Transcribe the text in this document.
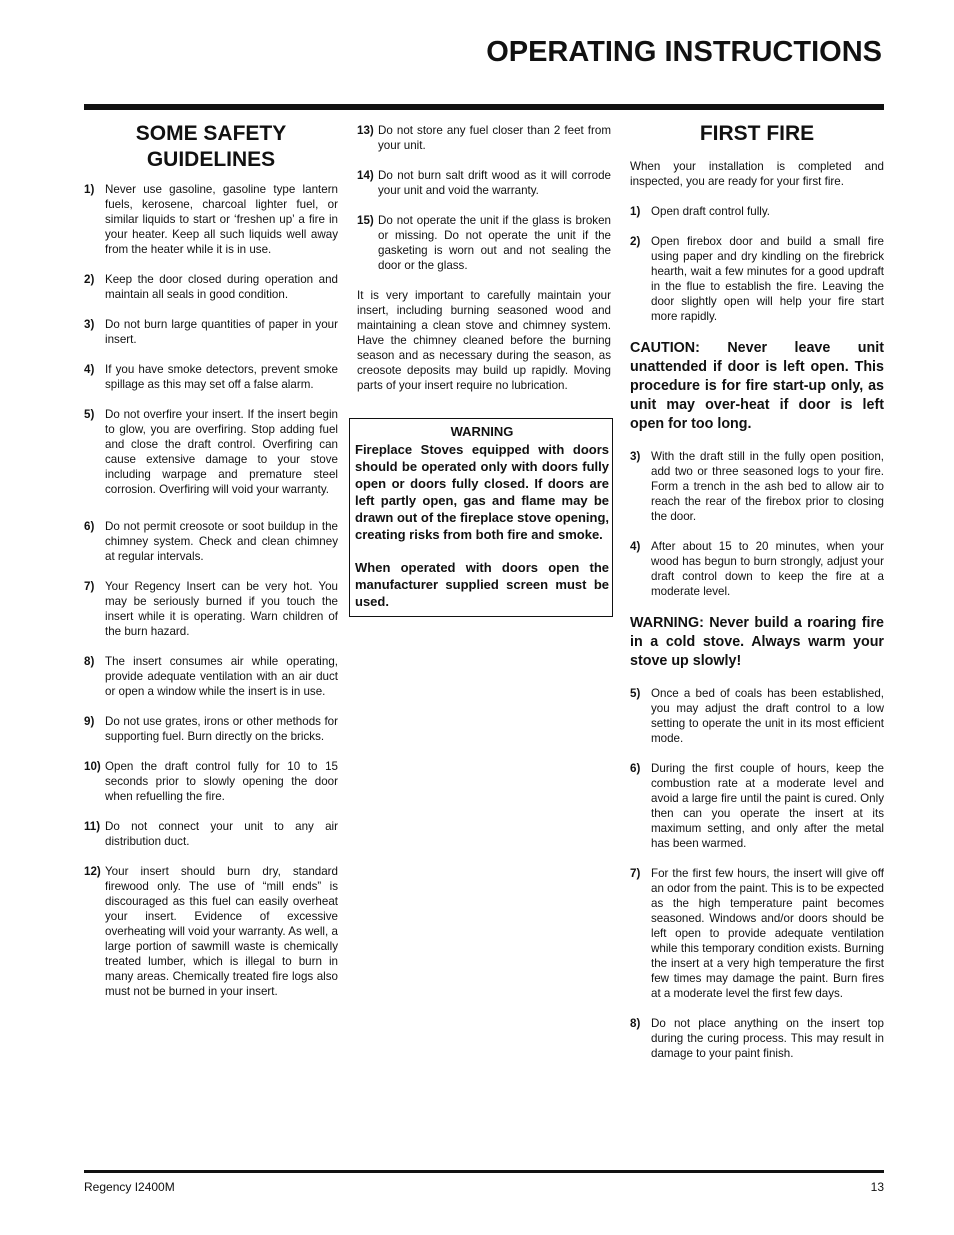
OPERATING INSTRUCTIONS
SOME SAFETY GUIDELINES
1) Never use gasoline, gasoline type lantern fuels, kerosene, charcoal lighter fuel, or similar liquids to start or ‘freshen up’ a fire in your heater. Keep all such liquids well away from the heater while it is in use.
2) Keep the door closed during operation and maintain all seals in good condition.
3) Do not burn large quantities of paper in your insert.
4) If you have smoke detectors, prevent smoke spillage as this may set off a false alarm.
5) Do not overfire your insert. If the insert begin to glow, you are overfiring. Stop adding fuel and close the draft control. Overfiring can cause extensive damage to your stove including warpage and premature steel corrosion. Overfiring will void your warranty.
6) Do not permit creosote or soot buildup in the chimney system. Check and clean chimney at regular intervals.
7) Your Regency Insert can be very hot. You may be seriously burned if you touch the insert while it is operating. Warn children of the burn hazard.
8) The insert consumes air while operating, provide adequate ventilation with an air duct or open a window while the insert is in use.
9) Do not use grates, irons or other methods for supporting fuel. Burn directly on the bricks.
10) Open the draft control fully for 10 to 15 seconds prior to slowly opening the door when refuelling the fire.
11) Do not connect your unit to any air distribution duct.
12) Your insert should burn dry, standard firewood only. The use of “mill ends” is discouraged as this fuel can easily overheat your insert. Evidence of excessive overheating will void your warranty. As well, a large portion of sawmill waste is chemically treated lumber, which is illegal to burn in many areas. Chemically treated fire logs also must not be burned in your insert.
13) Do not store any fuel closer than 2 feet from your unit.
14) Do not burn salt drift wood as it will corrode your unit and void the warranty.
15) Do not operate the unit if the glass is broken or missing. Do not operate the unit if the gasketing is worn out and not sealing the door or the glass.

It is very important to carefully maintain your insert, including burning seasoned wood and maintaining a clean stove and chimney system. Have the chimney cleaned before the burning season and as necessary during the season, as creosote deposits may build up rapidly. Moving parts of your insert require no lubrication.

WARNING

Fireplace Stoves equipped with doors should be operated only with doors fully open or doors fully closed. If doors are left partly open, gas and flame may be drawn out of the fireplace stove opening, creating risks from both fire and smoke.

When operated with doors open the manufacturer supplied screen must be used.

FIRST FIRE

When your installation is completed and inspected, you are ready for your first fire.

1) Open draft control fully.
2) Open firebox door and build a small fire using paper and dry kindling on the firebrick hearth, wait a few minutes for a good updraft in the flue to establish the fire. Leaving the door slightly open will help your fire start more rapidly.

CAUTION: Never leave unit unattended if door is left open. This procedure is for fire start-up only, as unit may over-heat if door is left open for too long.

3) With the draft still in the fully open position, add two or three seasoned logs to your fire. Form a trench in the ash bed to allow air to reach the rear of the firebox prior to closing the door.
4) After about 15 to 20 minutes, when your wood has begun to burn strongly, adjust your draft control down to keep the fire at a moderate level.

WARNING: Never build a roaring fire in a cold stove. Always warm your stove up slowly!

5) Once a bed of coals has been established, you may adjust the draft control to a low setting to operate the unit in its most efficient mode.
6) During the first couple of hours, keep the combustion rate at a moderate level and avoid a large fire until the paint is cured. Only then can you operate the insert at its maximum setting, and only after the metal has been warmed.
7) For the first few hours, the insert will give off an odor from the paint. This is to be expected as the high temperature paint becomes seasoned. Windows and/or doors should be left open to provide adequate ventilation while this temporary condition exists. Burning the insert at a very high temperature the first few times may damage the paint. Burn fires at a moderate level the first few days.
8) Do not place anything on the insert top during the curing process. This may result in damage to your paint finish.
Regency I2400M	13
